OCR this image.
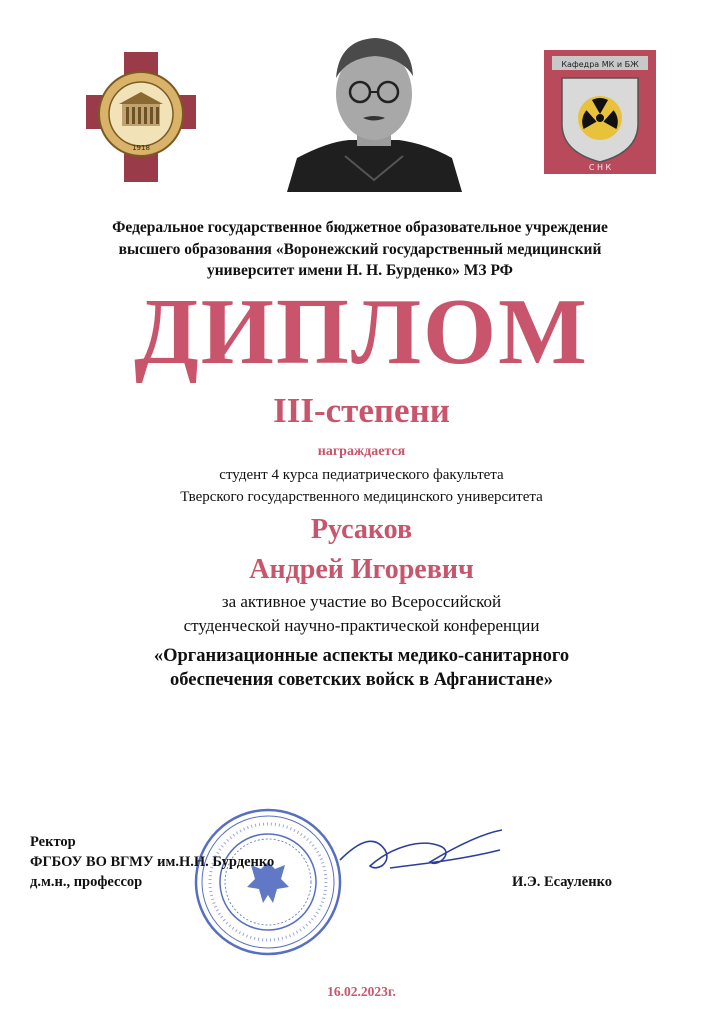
1918
Кафедра МК и БЖ
С Н К
Федеральное государственное бюджетное образовательное учреждение
высшего образования «Воронежский государственный медицинский
университет имени Н. Н. Бурденко» МЗ РФ
ДИПЛОМ
III-степени
награждается
студент 4 курса педиатрического факультета
Тверского государственного медицинского университета
Русаков
Андрей Игоревич
за активное участие во Всероссийской
студенческой научно-практической конференции
«Организационные аспекты медико-санитарного
обеспечения советских войск в Афганистане»
Ректор
ФГБОУ ВО ВГМУ им.Н.Н. Бурденко
д.м.н., профессор	И.Э. Есауленко
16.02.2023г.
